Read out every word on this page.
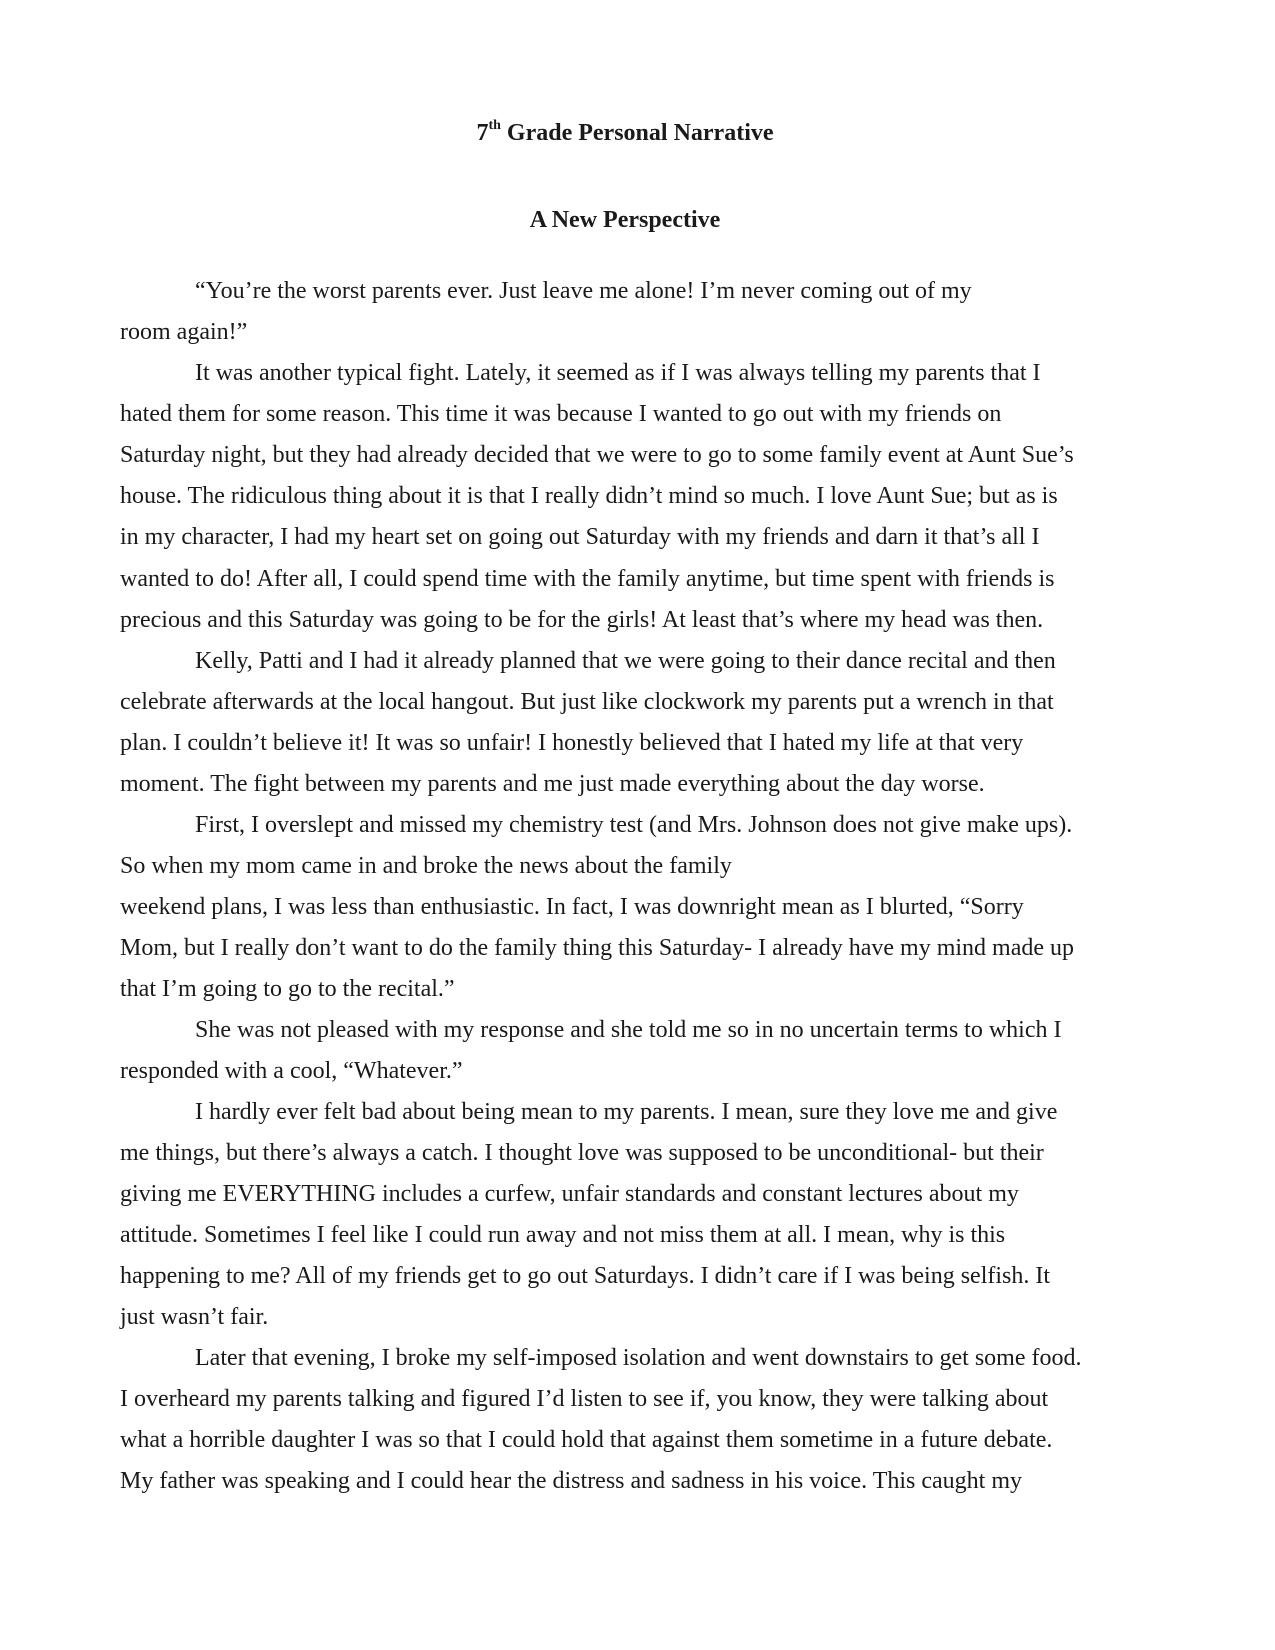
7th Grade Personal Narrative
A New Perspective

“You’re the worst parents ever. Just leave me alone! I’m never coming out of my

room again!”

It was another typical fight. Lately, it seemed as if I was always telling my parents that I

hated them for some reason. This time it was because I wanted to go out with my friends on

Saturday night, but they had already decided that we were to go to some family event at Aunt Sue’s

house. The ridiculous thing about it is that I really didn’t mind so much. I love Aunt Sue; but as is

in my character, I had my heart set on going out Saturday with my friends and darn it that’s all I

wanted to do! After all, I could spend time with the family anytime, but time spent with friends is

precious and this Saturday was going to be for the girls! At least that’s where my head was then.

Kelly, Patti and I had it already planned that we were going to their dance recital and then

celebrate afterwards at the local hangout. But just like clockwork my parents put a wrench in that

plan. I couldn’t believe it! It was so unfair! I honestly believed that I hated my life at that very

moment. The fight between my parents and me just made everything about the day worse.

First, I overslept and missed my chemistry test (and Mrs. Johnson does not give make ups).

So when my mom came in and broke the news about the family

weekend plans, I was less than enthusiastic. In fact, I was downright mean as I blurted, “Sorry

Mom, but I really don’t want to do the family thing this Saturday- I already have my mind made up

that I’m going to go to the recital.”

She was not pleased with my response and she told me so in no uncertain terms to which I

responded with a cool, “Whatever.”

I hardly ever felt bad about being mean to my parents. I mean, sure they love me and give

me things, but there’s always a catch. I thought love was supposed to be unconditional- but their

giving me EVERYTHING includes a curfew, unfair standards and constant lectures about my

attitude. Sometimes I feel like I could run away and not miss them at all. I mean, why is this

happening to me? All of my friends get to go out Saturdays. I didn’t care if I was being selfish. It

just wasn’t fair.

Later that evening, I broke my self-imposed isolation and went downstairs to get some food.

I overheard my parents talking and figured I’d listen to see if, you know, they were talking about

what a horrible daughter I was so that I could hold that against them sometime in a future debate.

My father was speaking and I could hear the distress and sadness in his voice. This caught my
